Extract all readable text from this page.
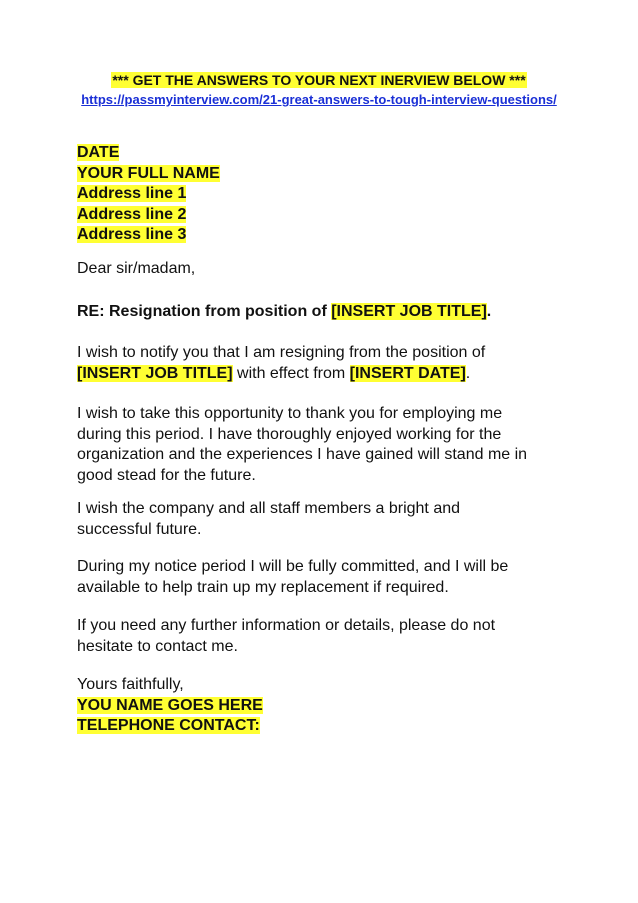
*** GET THE ANSWERS TO YOUR NEXT INERVIEW BELOW ***
https://passmyinterview.com/21-great-answers-to-tough-interview-questions/
DATE
YOUR FULL NAME
Address line 1
Address line 2
Address line 3
Dear sir/madam,
RE: Resignation from position of [INSERT JOB TITLE].
I wish to notify you that I am resigning from the position of
[INSERT JOB TITLE] with effect from [INSERT DATE].
I wish to take this opportunity to thank you for employing me
during this period. I have thoroughly enjoyed working for the
organization and the experiences I have gained will stand me in
good stead for the future.
I wish the company and all staff members a bright and
successful future.
During my notice period I will be fully committed, and I will be
available to help train up my replacement if required.
If you need any further information or details, please do not
hesitate to contact me.
Yours faithfully,
YOU NAME GOES HERE
TELEPHONE CONTACT:
